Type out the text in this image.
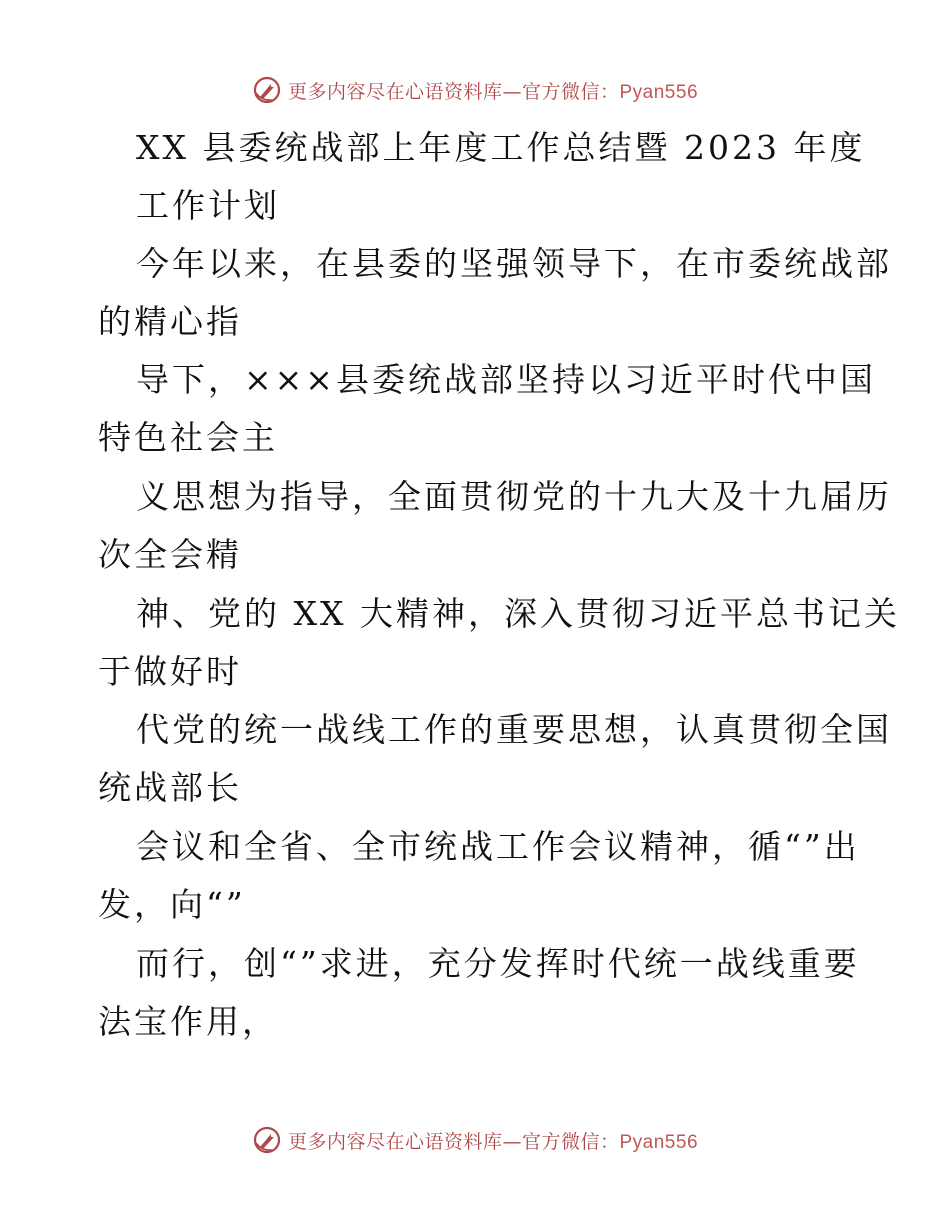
更多内容尽在心语资料库—官方微信：Pyan556
XX 县委统战部上年度工作总结暨 2023 年度
工作计划
今年以来，在县委的坚强领导下，在市委统战部
的精心指
导下，×××县委统战部坚持以习近平时代中国
特色社会主
义思想为指导，全面贯彻党的十九大及十九届历
次全会精
神、党的 XX 大精神，深入贯彻习近平总书记关
于做好时
代党的统一战线工作的重要思想，认真贯彻全国
统战部长
会议和全省、全市统战工作会议精神，循“”出
发，向“”
而行，创“”求进，充分发挥时代统一战线重要
法宝作用，
更多内容尽在心语资料库—官方微信：Pyan556
